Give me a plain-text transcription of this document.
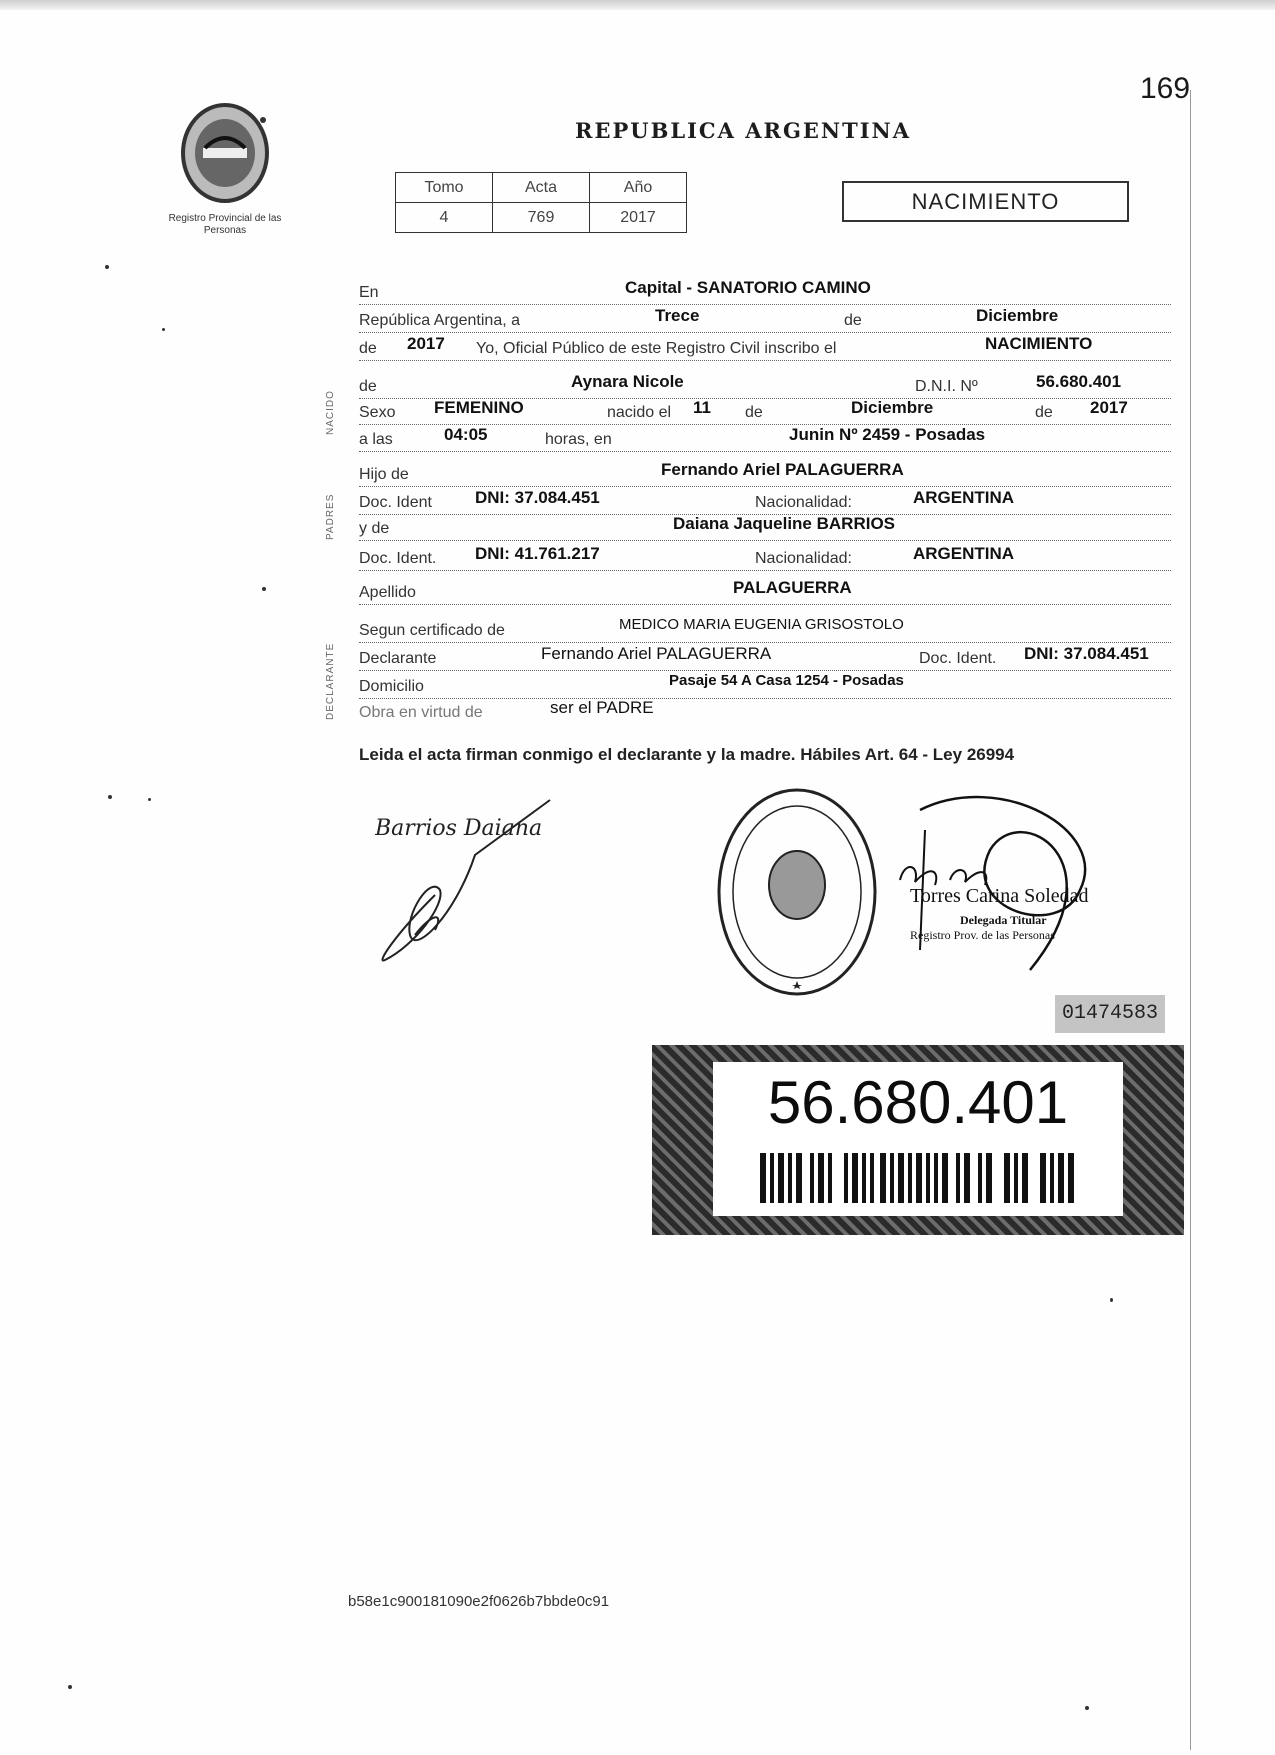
169
Registro Provincial de las Personas
REPUBLICA ARGENTINA
Tomo	Acta	Año
4	769	2017
NACIMIENTO
NACIDO
PADRES
DECLARANTE
En	Capital - SANATORIO CAMINO
República Argentina, a	Trece	de	Diciembre
de 2017 Yo, Oficial Público de este Registro Civil inscribo el	NACIMIENTO
de	Aynara Nicole	D.N.I. Nº	56.680.401
Sexo FEMENINO	nacido el 11 de	Diciembre	de 2017
a las	04:05	horas, en	Junin Nº 2459 - Posadas
Hijo de	Fernando Ariel PALAGUERRA
Doc. Ident	DNI: 37.084.451	Nacionalidad:	ARGENTINA
y de	Daiana Jaqueline BARRIOS
Doc. Ident. DNI: 41.761.217	Nacionalidad:	ARGENTINA
Apellido	PALAGUERRA
Segun certificado de	MEDICO MARIA EUGENIA GRISOSTOLO
Declarante	Fernando Ariel PALAGUERRA	Doc. Ident. DNI: 37.084.451
Domicilio	Pasaje 54 A Casa 1254 - Posadas
Obra en virtud de	ser el PADRE
Leida el acta firman conmigo el declarante y la madre. Hábiles Art. 64 - Ley 26994
Barrios Daiana
Torres Carina Soledad
Delegada Titular
Registro Prov. de las Personas
01474583
56.680.401
b58e1c900181090e2f0626b7bbde0c91
